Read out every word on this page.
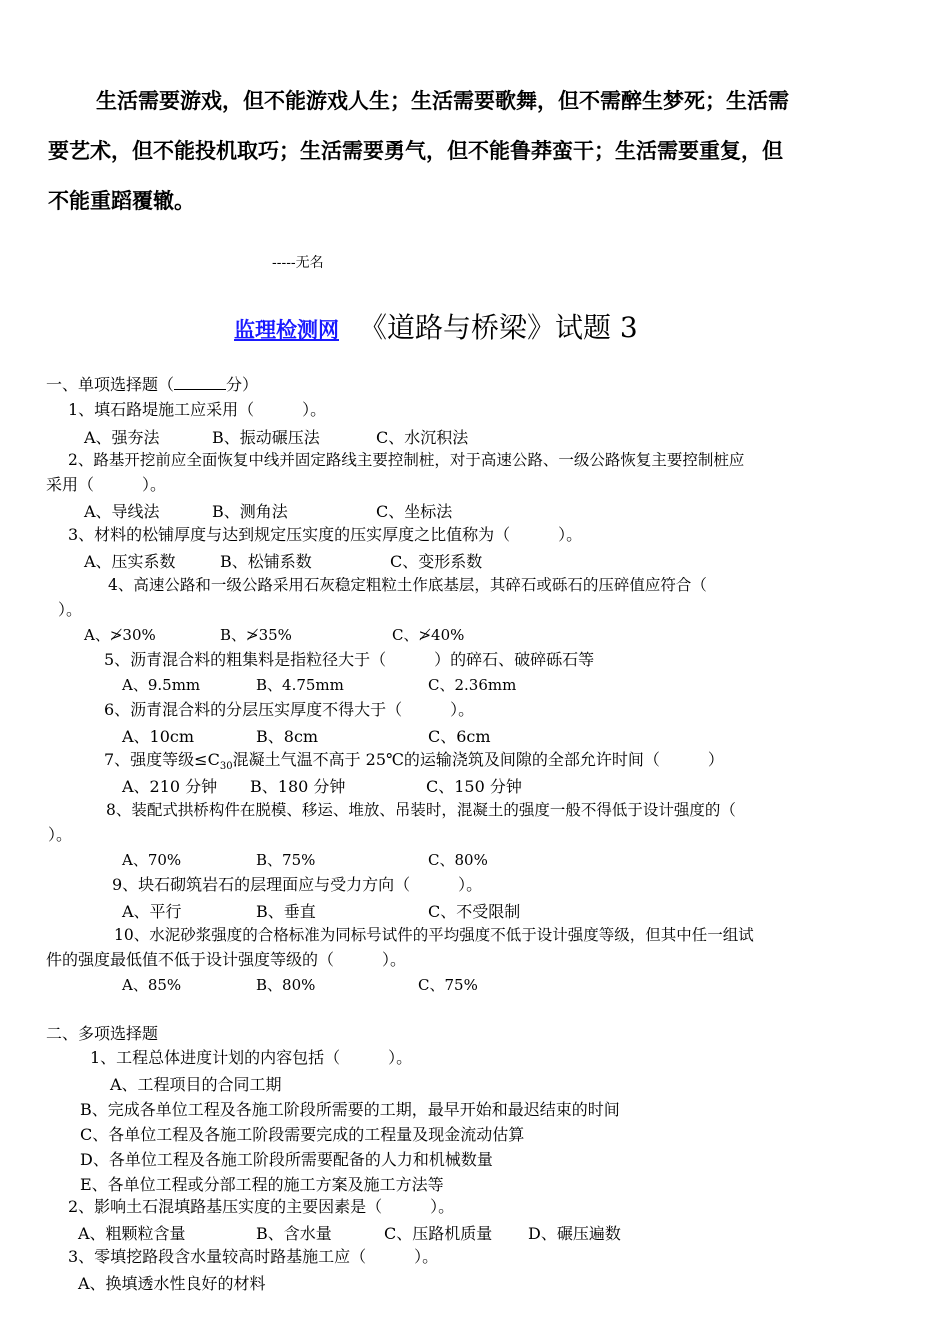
生活需要游戏，但不能游戏人生；生活需要歌舞，但不需醉生梦死；生活需
要艺术，但不能投机取巧；生活需要勇气，但不能鲁莽蛮干；生活需要重复，但
不能重蹈覆辙。
-----无名
监理检测网 《道路与桥梁》试题 3
一、单项选择题（	分）
1、填石路堤施工应采用（　　　）。
A、强夯法	B、振动碾压法	C、水沉积法
2、路基开挖前应全面恢复中线并固定路线主要控制桩，对于高速公路、一级公路恢复主要控制桩应
采用（　　　）。
A、导线法	B、测角法	C、坐标法
3、材料的松铺厚度与达到规定压实度的压实厚度之比值称为（　　　）。
A、压实系数	B、松铺系数	C、变形系数
4、高速公路和一级公路采用石灰稳定粗粒土作底基层，其碎石或砾石的压碎值应符合（
）。
A、≯30%	B、≯35%	C、≯40%
5、沥青混合料的粗集料是指粒径大于（　　　）的碎石、破碎砾石等
A、9.5mm	B、4.75mm	C、2.36mm
6、沥青混合料的分层压实厚度不得大于（　　　）。
A、10cm	B、8cm	C、6cm
7、强度等级$\le C_{30}$混凝土气温不高于 25℃的运输浇筑及间隙的全部允许时间（　　　）
A、210 分钟 B、180 分钟	C、150 分钟
8、装配式拱桥构件在脱模、移运、堆放、吊装时，混凝土的强度一般不得低于设计强度的（
）。
A、70%	B、75%	C、80%
9、块石砌筑岩石的层理面应与受力方向（　　　）。
A、平行	B、垂直	C、不受限制
10、水泥砂浆强度的合格标准为同标号试件的平均强度不低于设计强度等级，但其中任一组试
件的强度最低值不低于设计强度等级的（　　　）。
A、85%	B、80%	C、75%
二、多项选择题
1、工程总体进度计划的内容包括（　　　）。
A、工程项目的合同工期
B、完成各单位工程及各施工阶段所需要的工期，最早开始和最迟结束的时间
C、各单位工程及各施工阶段需要完成的工程量及现金流动估算
D、各单位工程及各施工阶段所需要配备的人力和机械数量
E、各单位工程或分部工程的施工方案及施工方法等
2、影响土石混填路基压实度的主要因素是（　　　）。
A、粗颗粒含量	B、含水量	C、压路机质量 D、碾压遍数
3、零填挖路段含水量较高时路基施工应（　　　）。
A、换填透水性良好的材料
